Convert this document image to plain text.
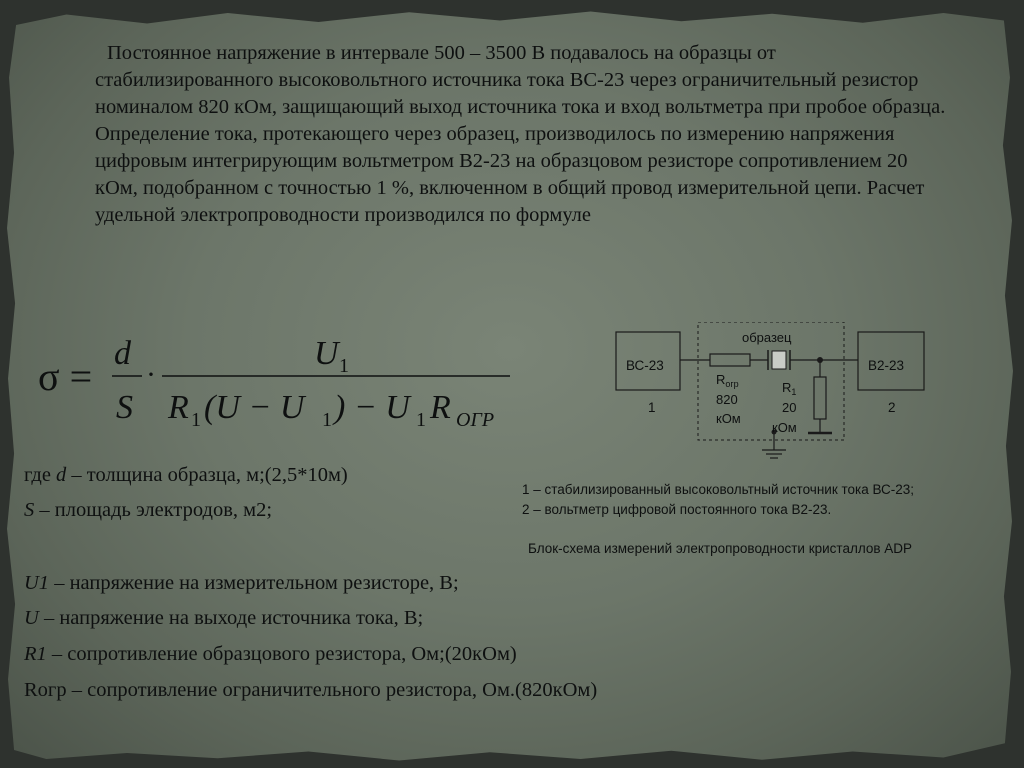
Постоянное напряжение в интервале 500 – 3500 В подавалось на образцы от стабилизированного высоковольтного источника тока ВС-23 через ограничительный резистор номиналом 820 кОм, защищающий выход источника тока и вход вольтметра при пробое образца. Определение тока, протекающего через образец, производилось по измерению напряжения цифровым интегрирующим вольтметром В2-23 на образцовом резисторе сопротивлением 20 кОм, подобранном с точностью 1 %, включенном в общий провод измерительной цепи. Расчет удельной электропроводности производился по формуле

σ =
d
S
·
U 1
R 1 (U − U 1 ) − U 1 R ОГР

где d – толщина образца, м;(2,5*10м)

S – площадь электродов, м2;

U1 – напряжение на измерительном резисторе, В;

U – напряжение на выходе источника тока, В;

R1 – сопротивление образцового резистора, Ом;(20кОм)

Rогр – сопротивление ограничительного резистора, Ом.(820кОм)

образец
ВС-23
1
В2-23
2
$R_{огр}$
820
кОм
$R_1$
20
кОм
1 – стабилизированный высоковольтный источник тока ВС-23;
2 – вольтметр цифровой постоянного тока В2-23.
Блок-схема измерений электропроводности кристаллов ADP
